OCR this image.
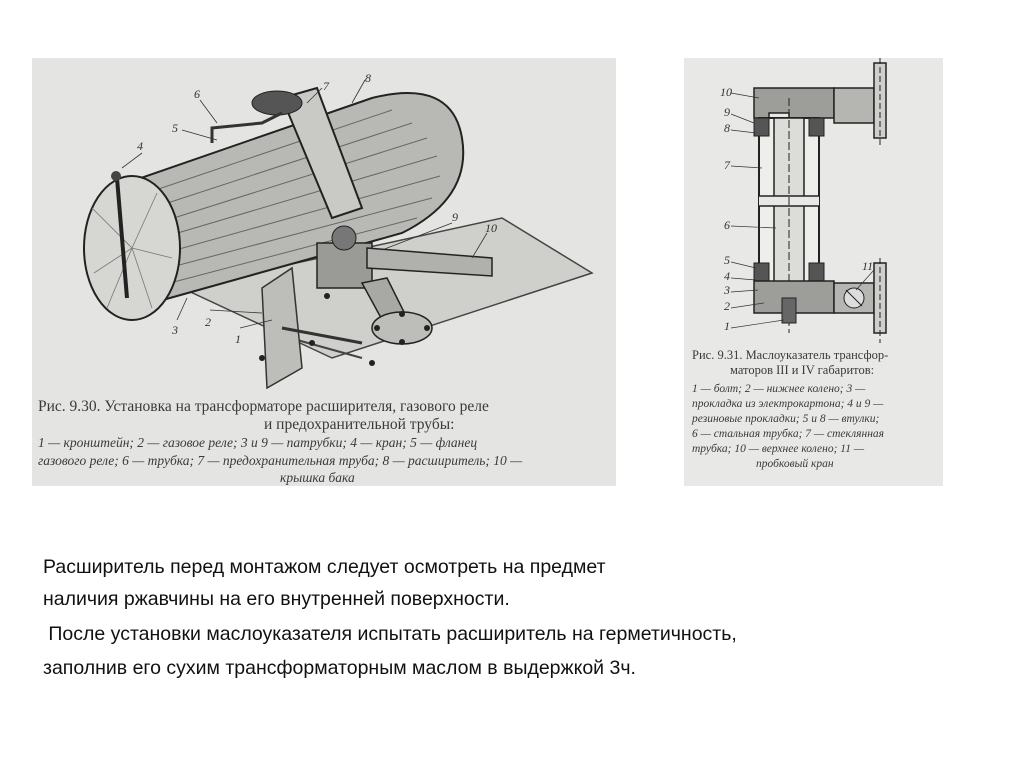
1
2
3
4
5
6
7
8
9
10

Рис. 9.30. Установка на трансформаторе расширителя, газового реле

и предохранительной трубы:

1 — кронштейн; 2 — газовое реле; 3 и 9 — патрубки; 4 — кран; 5 — фланец

газового реле; 6 — трубка; 7 — предохранительная труба; 8 — расширитель; 10 —

крышка бака

10
9
8
7
6
5
4
3
2
1
11

Рис. 9.31. Маслоуказатель трансфор-

маторов III и IV габаритов:

1 — болт; 2 — нижнее колено; 3 —

прокладка из электрокартона; 4 и 9 —

резиновые прокладки; 5 и 8 — втулки;

6 — стальная трубка; 7 — стеклянная

трубка; 10 — верхнее колено; 11 —

пробковый кран

Расширитель перед монтажом следует осмотреть на предмет

наличия ржавчины на его внутренней поверхности.

После установки маслоуказателя испытать расширитель на герметичность,

заполнив его сухим трансформаторным маслом в выдержкой 3ч.
